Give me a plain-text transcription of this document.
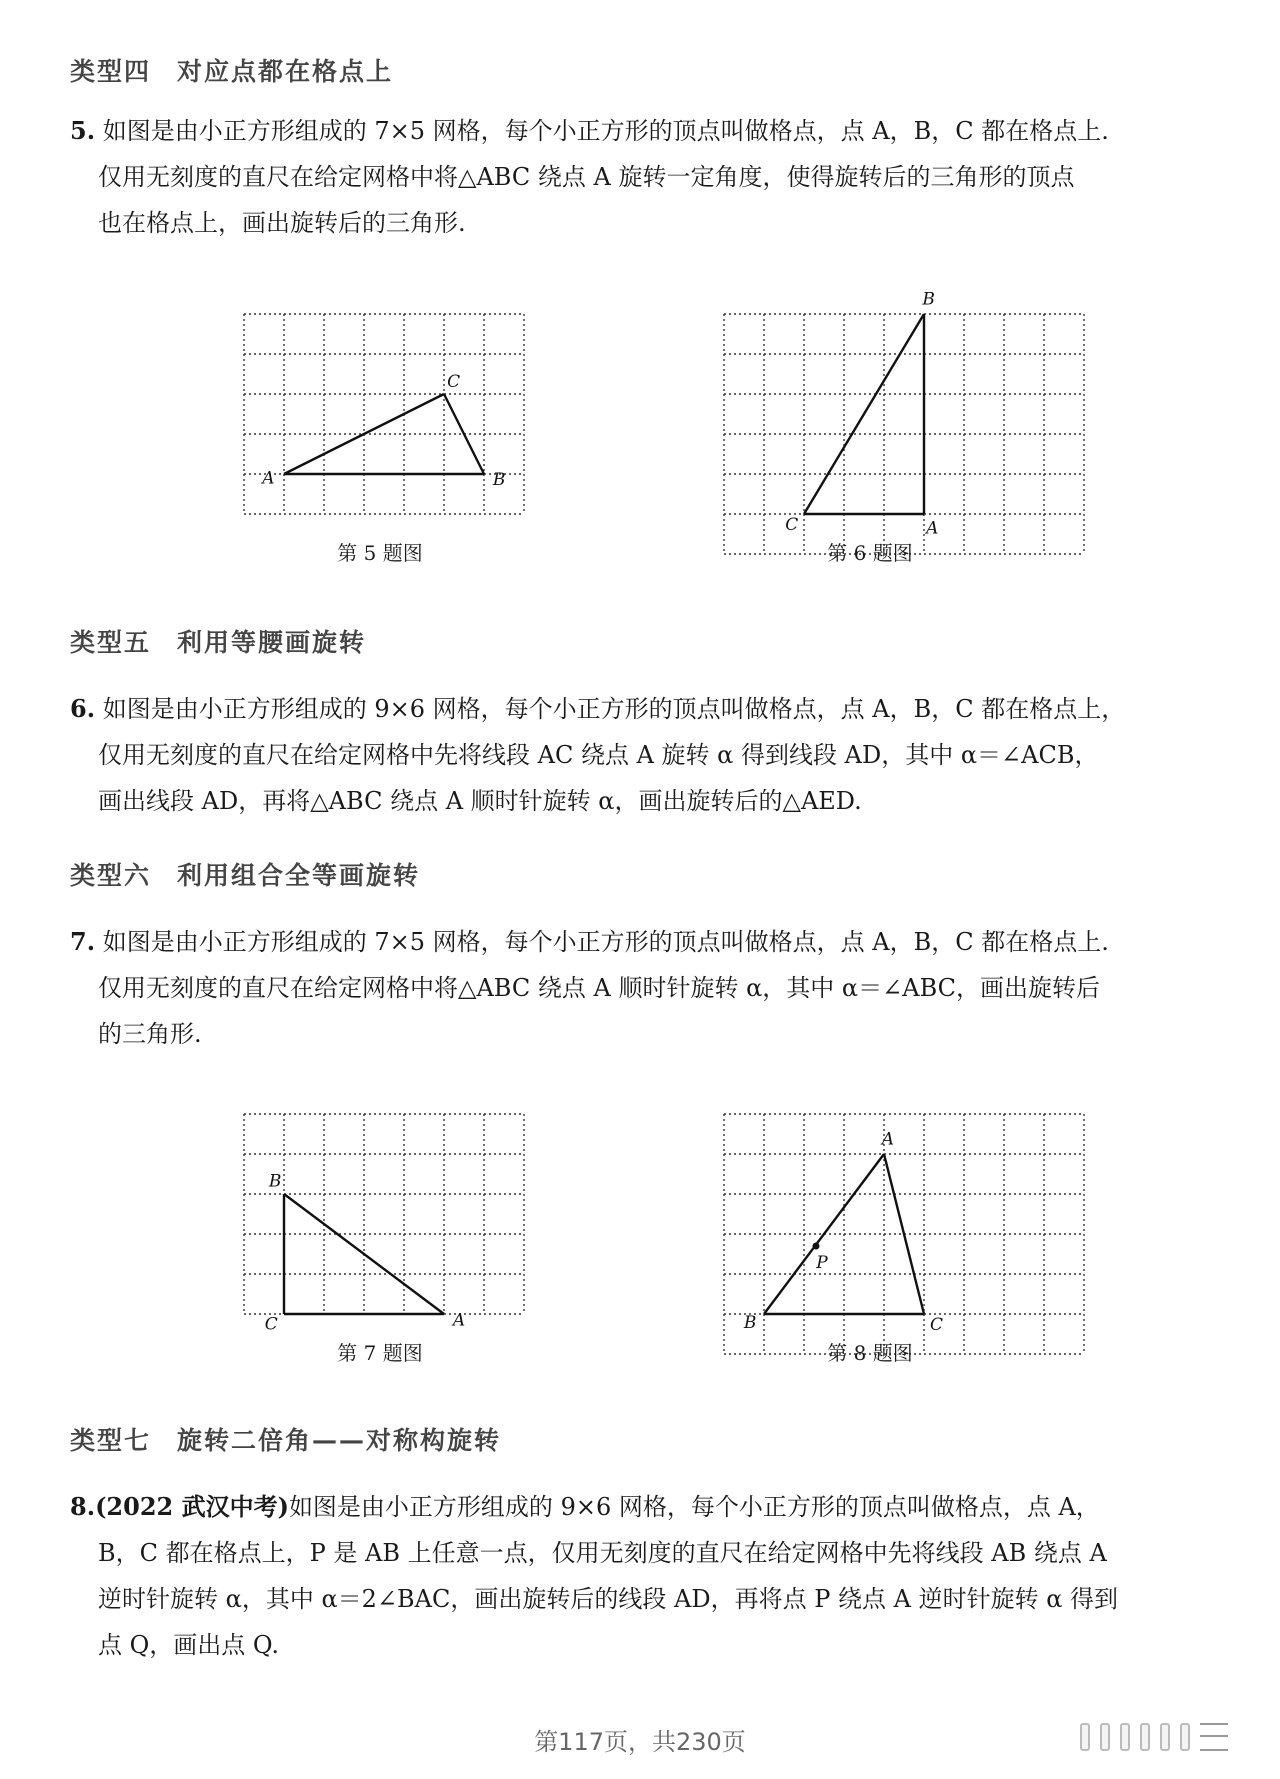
类型四 对应点都在格点上
5. 如图是由小正方形组成的 7×5 网格，每个小正方形的顶点叫做格点，点 A，B，C 都在格点上.
仅用无刻度的直尺在给定网格中将△ABC 绕点 A 旋转一定角度，使得旋转后的三角形的顶点
也在格点上，画出旋转后的三角形.
A	B
C
第 5 题图
A
B
C
第 6 题图
类型五 利用等腰画旋转
6. 如图是由小正方形组成的 9×6 网格，每个小正方形的顶点叫做格点，点 A，B，C 都在格点上，
仅用无刻度的直尺在给定网格中先将线段 AC 绕点 A 旋转 α 得到线段 AD，其中 α＝∠ACB，
画出线段 AD，再将△ABC 绕点 A 顺时针旋转 α，画出旋转后的△AED.
类型六 利用组合全等画旋转
7. 如图是由小正方形组成的 7×5 网格，每个小正方形的顶点叫做格点，点 A，B，C 都在格点上.
仅用无刻度的直尺在给定网格中将△ABC 绕点 A 顺时针旋转 α，其中 α＝∠ABC，画出旋转后
的三角形.
B
C	A
第 7 题图
A
B	C
P
第 8 题图
类型七 旋转二倍角——对称构旋转
8.(2022 武汉中考)如图是由小正方形组成的 9×6 网格，每个小正方形的顶点叫做格点，点 A，
B，C 都在格点上，P 是 AB 上任意一点，仅用无刻度的直尺在给定网格中先将线段 AB 绕点 A
逆时针旋转 α，其中 α＝2∠BAC，画出旋转后的线段 AD，再将点 P 绕点 A 逆时针旋转 α 得到
点 Q，画出点 Q.
第117页，共230页
